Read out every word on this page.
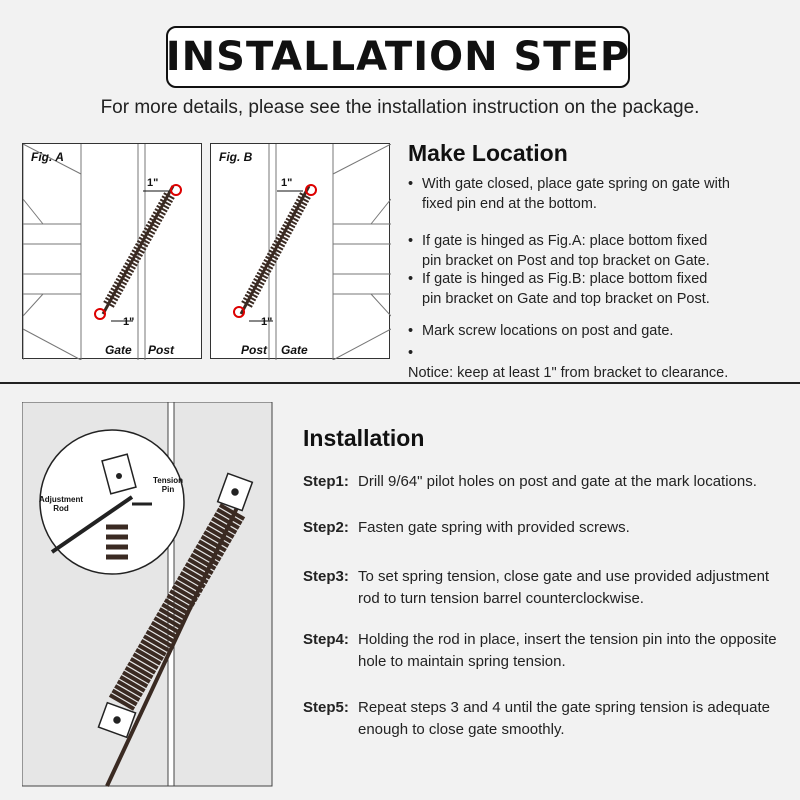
INSTALLATION STEP
For more details, please see the installation instruction on the package.
Fig. A
1"
1"
Gate Post
Fig. B
1"
1"
Post Gate
Make Location
• With gate closed, place gate spring on gate with fixed pin end at the bottom.
• If gate is hinged as Fig.A: place bottom fixed pin bracket on Post and top bracket on Gate.
• If gate is hinged as Fig.B: place bottom fixed pin bracket on Gate and top bracket on Post.
• Mark screw locations on post and gate.
•Notice: keep at least 1" from bracket to clearance.
Adjustment Rod
Tension Pin
Installation
Step1: Drill 9/64" pilot holes on post and gate at the mark locations.
Step2: Fasten gate spring with provided screws.
Step3: To set spring tension, close gate and use provided adjustment rod to turn tension barrel counterclockwise.
Step4: Holding the rod in place, insert the tension pin into the opposite hole to maintain spring tension.
Step5: Repeat steps 3 and 4 until the gate spring tension is adequate enough to close gate smoothly.
